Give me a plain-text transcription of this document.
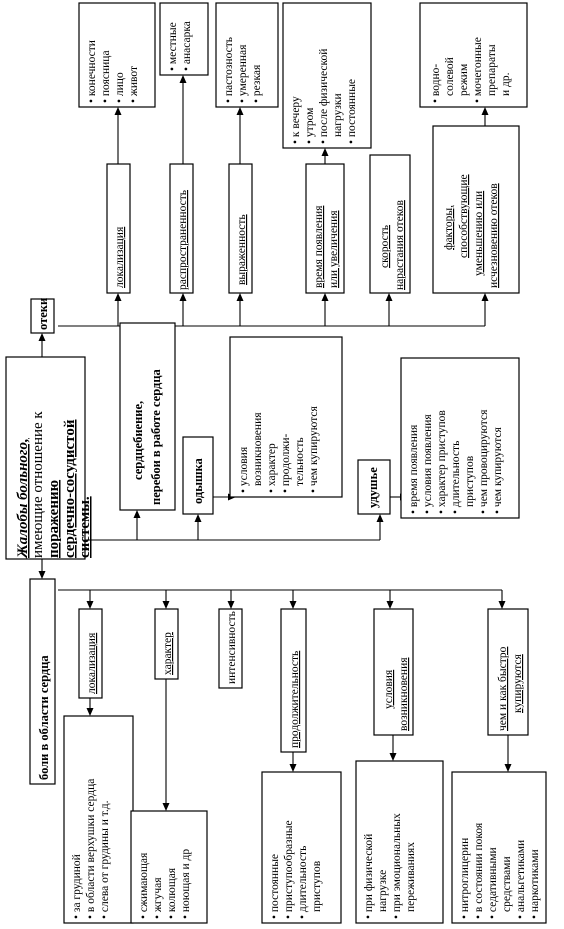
Жалобы больного, имеющие отношение к поражению сердечно-сосудистой системы.
отеки
локализация
• конечности
• поясница
• лицо
• живот
распространенность
• местные
• анасарка
выраженность
• пастозность
• умеренная
• резкая
время появления или увеличения
• к вечеру
• утром
• после физической нагрузки
• постоянные
скорость нарастания отеков	факторы, способствующие уменьшению или исчезновению отеков
• водно- солевой режим
• мочегонные препараты и др.
сердцебиение, перебои в работе сердца одышка	• условия возникновения
• характер
• продолжи- тельность
• чем купируются
удушье
• время появления
• условия появления
• характер приступов
• длительность приступов
• чем провоцируются
• чем купируются
боли в области сердца	локализация
• за грудиной
• в области верхушки сердца
• слева от грудины и т.д.
характер
• сжимающая
• жгучая
• колющая
• ноющая и др
интенсивность
продолжительность
• постоянные
• приступообразные
• длительность приступов
условия возникновения
• при физической нагрузке
• при эмоциональных переживаниях
чем и как быстро купируются
• нитроглицерин
• в состоянии покоя
• седативными средствами
• анальгетиками
• наркотиками
